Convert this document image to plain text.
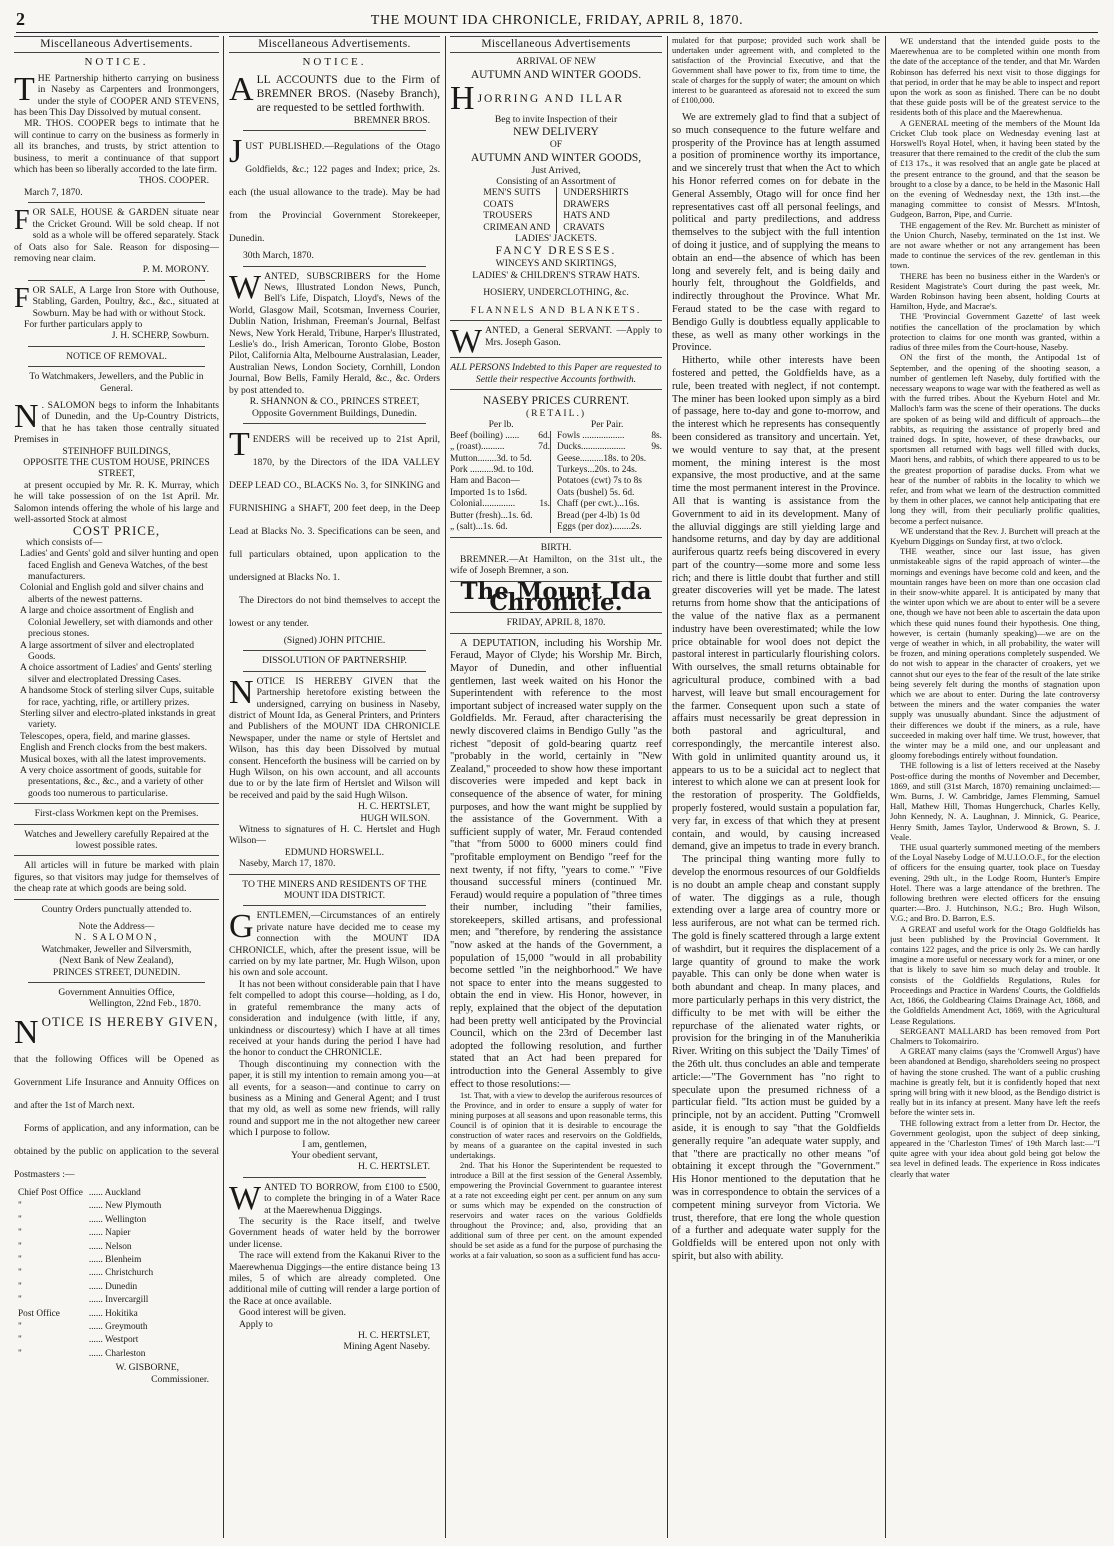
2	THE MOUNT IDA CHRONICLE, FRIDAY, APRIL 8, 1870.
Miscellaneous Advertisements.
NOTICE.
T HE Partnership hitherto carrying on business in Naseby as Carpenters and Ironmongers, under the style of COOPER AND STEVENS, has been This Day Dissolved by mutual consent.

MR. THOS. COOPER begs to intimate that he will continue to carry on the business as formerly in all its branches, and trusts, by strict attention to business, to merit a continuance of that support which has been so liberally accorded to the late firm.

THOS. COOPER.
March 7, 1870.
F OR SALE, HOUSE & GARDEN situate near the Cricket Ground. Will be sold cheap. If not sold as a whole will be offered separately. Stack of Oats also for Sale. Reason for disposing—removing near claim.

P. M. MORONY.
F OR SALE, A Large Iron Store with Outhouse, Stabling, Garden, Poultry, &c., &c., situated at Sowburn. May be had with or without Stock.

For further particulars apply to

J. H. SCHERP, Sowburn.
NOTICE OF REMOVAL.
To Watchmakers, Jewellers, and the Public in General.
N . SALOMON begs to inform the Inhabitants of Dunedin, and the Up-Country Districts, that he has taken those centrally situated Premises in

STEINHOFF BUILDINGS,
OPPOSITE THE CUSTOM HOUSE, PRINCES STREET,

at present occupied by Mr. R. K. Murray, which he will take possession of on the 1st April. Mr. Salomon intends offering the whole of his large and well-assorted Stock at almost

COST PRICE,
which consists of—
Ladies' and Gents' gold and silver hunting and open faced English and Geneva Watches, of the best manufacturers.
Colonial and English gold and silver chains and alberts of the newest patterns.
A large and choice assortment of English and Colonial Jewellery, set with diamonds and other precious stones.
A large assortment of silver and electroplated Goods.
A choice assortment of Ladies' and Gents' sterling silver and electroplated Dressing Cases.
A handsome Stock of sterling silver Cups, suitable for race, yachting, rifle, or artillery prizes.
Sterling silver and electro-plated inkstands in great variety.
Telescopes, opera, field, and marine glasses.
English and French clocks from the best makers.
Musical boxes, with all the latest improvements.
A very choice assortment of goods, suitable for presentations, &c., &c., and a variety of other goods too numerous to particularise.
First-class Workmen kept on the Premises.
Watches and Jewellery carefully Repaired at the lowest possible rates.

All articles will in future be marked with plain figures, so that visitors may judge for themselves of the cheap rate at which goods are being sold.

Country Orders punctually attended to.
Note the Address—
N. SALOMON,
Watchmaker, Jeweller and Silversmith,
(Next Bank of New Zealand),
PRINCES STREET, DUNEDIN.
Government Annuities Office,
Wellington, 22nd Feb., 1870.
N OTICE IS HEREBY GIVEN,

that the following Offices will be Opened as Government Life Insurance and Annuity Offices on and after the 1st of March next.

Forms of application, and any information, can be obtained by the public on application to the several Postmasters :—

Chief Post Office	...... Auckland
"	...... New Plymouth
"	...... Wellington
"	...... Napier
"	...... Nelson
"	...... Blenheim
"	...... Christchurch
"	...... Dunedin
"	...... Invercargill
Post Office	...... Hokitika
"	...... Greymouth
"	...... Westport
"	...... Charleston
W. GISBORNE,
Commissioner.
Miscellaneous Advertisements.
NOTICE.
A LL ACCOUNTS due to the Firm of BREMNER BROS. (Naseby Branch), are requested to be settled forthwith.

BREMNER BROS.
J UST PUBLISHED.—Regulations of the Otago Goldfields, &c.; 122 pages and Index; price, 2s. each (the usual allowance to the trade). May be had from the Provincial Government Storekeeper, Dunedin.

30th March, 1870.
W ANTED, SUBSCRIBERS for the Home News, Illustrated London News, Punch, Bell's Life, Dispatch, Lloyd's, News of the World, Glasgow Mail, Scotsman, Inverness Courier, Dublin Nation, Irishman, Freeman's Journal, Belfast News, New York Herald, Tribune, Harper's Illustrated, Leslie's do., Irish American, Toronto Globe, Boston Pilot, California Alta, Melbourne Australasian, Leader, Australian News, London Society, Cornhill, London Journal, Bow Bells, Family Herald, &c., &c. Orders by post attended to.

R. SHANNON & CO., PRINCES STREET,
Opposite Government Buildings, Dunedin.
T ENDERS will be received up to 21st April, 1870, by the Directors of the IDA VALLEY DEEP LEAD CO., BLACKS No. 3, for SINKING and FURNISHING a SHAFT, 200 feet deep, in the Deep Lead at Blacks No. 3. Specifications can be seen, and full particulars obtained, upon application to the undersigned at Blacks No. 1.

The Directors do not bind themselves to accept the lowest or any tender.

(Signed) JOHN PITCHIE.
DISSOLUTION OF PARTNERSHIP.
N OTICE IS HEREBY GIVEN that the Partnership heretofore existing between the undersigned, carrying on business in Naseby, district of Mount Ida, as General Printers, and Printers and Publishers of the MOUNT IDA CHRONICLE Newspaper, under the name or style of Hertslet and Wilson, has this day been Dissolved by mutual consent. Henceforth the business will be carried on by Hugh Wilson, on his own account, and all accounts due to or by the late firm of Hertslet and Wilson will be received and paid by the said Hugh Wilson.

H. C. HERTSLET,
HUGH WILSON.

Witness to signatures of H. C. Hertslet and Hugh Wilson—

EDMUND HORSWELL.
Naseby, March 17, 1870.
TO THE MINERS AND RESIDENTS OF THE MOUNT IDA DISTRICT.
G ENTLEMEN,—Circumstances of an entirely private nature have decided me to cease my connection with the MOUNT IDA CHRONICLE, which, after the present issue, will be carried on by my late partner, Mr. Hugh Wilson, upon his own and sole account.

It has not been without considerable pain that I have felt compelled to adopt this course—holding, as I do, in grateful remembrance the many acts of consideration and indulgence (with little, if any, unkindness or discourtesy) which I have at all times received at your hands during the period I have had the honor to conduct the CHRONICLE.

Though discontinuing my connection with the paper, it is still my intention to remain among you—at all events, for a season—and continue to carry on business as a Mining and General Agent; and I trust that my old, as well as some new friends, will rally round and support me in the not altogether new career which I purpose to follow.

I am, gentlemen,
Your obedient servant,
H. C. HERTSLET.
W ANTED TO BORROW, from £100 to £500, to complete the bringing in of a Water Race at the Maerewhenua Diggings.

The security is the Race itself, and twelve Government heads of water held by the borrower under license.

The race will extend from the Kakanui River to the Maerewhenua Diggings—the entire distance being 13 miles, 5 of which are already completed. One additional mile of cutting will render a large portion of the Race at once available.

Good interest will be given.

Apply to

H. C. HERTSLET,
Mining Agent Naseby.
Miscellaneous Advertisements
ARRIVAL OF NEW
AUTUMN AND WINTER GOODS.
H JORRING AND ILLAR
Beg to invite Inspection of their
NEW DELIVERY
OF
AUTUMN AND WINTER GOODS,
Just Arrived,
Consisting of an Assortment of
MEN'S SUITS
COATS
TROUSERS
CRIMEAN AND
UNDERSHIRTS
DRAWERS
HATS AND
CRAVATS
LADIES' JACKETS.
FANCY DRESSES.
WINCEYS AND SKIRTINGS,
LADIES' & CHILDREN'S STRAW HATS.
HOSIERY, UNDERCLOTHING, &c.
FLANNELS AND BLANKETS.
W ANTED, a General SERVANT. —Apply to Mrs. Joseph Gason.

ALL PERSONS Indebted to this Paper are requested to Settle their respective Accounts forthwith.
NASEBY PRICES CURRENT.
(RETAIL.)
Per lb.	Per Pair.
Beef (boiling) ......	6d.	Fowls ..................	8s.
„ (roast)..........	7d.	Ducks...................	9s.
Mutton........3d. to 5d.		Geese..........18s. to 20s.	
Pork ..........9d. to 10d.		Turkeys...20s. to 24s.	
Ham and Bacon—		Potatoes (cwt) 7s to 8s	
Imported 1s to 1s6d.		Oats (bushel) 5s. 6d.	
Colonial..............	1s.	Chaff (per cwt.)...16s.	
Butter (fresh)...1s. 6d.		Bread (per 4-lb) 1s 0d	
„ (salt)...1s. 6d.		Eggs (per doz)........2s.	
BIRTH.

BREMNER.—At Hamilton, on the 31st ult., the wife of Joseph Bremner, a son.

The Mount Ida Chronicle.
FRIDAY, APRIL 8, 1870.

A DEPUTATION, including his Worship Mr. Feraud, Mayor of Clyde; his Worship Mr. Birch, Mayor of Dunedin, and other influential gentlemen, last week waited on his Honor the Superintendent with reference to the most important subject of increased water supply on the Goldfields. Mr. Feraud, after characterising the newly discovered claims in Bendigo Gully "as the richest "deposit of gold-bearing quartz reef "probably in the world, certainly in "New Zealand," proceeded to show how these important discoveries were impeded and kept back in consequence of the absence of water, for mining purposes, and how the want might be supplied by the assistance of the Government. With a sufficient supply of water, Mr. Feraud contended "that "from 5000 to 6000 miners could find "profitable employment on Bendigo "reef for the next twenty, if not fifty, "years to come." "Five thousand successful miners (continued Mr. Feraud) would require a population of "three times their number, including "their families, storekeepers, skilled artisans, and professional men; and "therefore, by rendering the assistance "now asked at the hands of the Government, a population of 15,000 "would in all probability become settled "in the neighborhood." We have not space to enter into the means suggested to obtain the end in view. His Honor, however, in reply, explained that the object of the deputation had been pretty well anticipated by the Provincial Council, which on the 23rd of December last adopted the following resolution, and further stated that an Act had been prepared for introduction into the General Assembly to give effect to those resolutions:—

1st. That, with a view to develop the auriferous resources of the Province, and in order to ensure a supply of water for mining purposes at all seasons and upon reasonable terms, this Council is of opinion that it is desirable to encourage the construction of water races and reservoirs on the Goldfields, by means of a guarantee on the capital invested in such undertakings.

2nd. That his Honor the Superintendent be requested to introduce a Bill at the first session of the General Assembly, empowering the Provincial Government to guarantee interest at a rate not exceeding eight per cent. per annum on any sum or sums which may be expended on the construction of reservoirs and water races on the various Goldfields throughout the Province; and, also, providing that an additional sum of three per cent. on the amount expended should be set aside as a fund for the purpose of purchasing the works at a fair valuation, so soon as a sufficient fund has accu-

mulated for that purpose; provided such work shall be undertaken under agreement with, and completed to the satisfaction of the Provincial Executive, and that the Government shall have power to fix, from time to time, the scale of charges for the supply of water; the amount on which interest to be guaranteed as aforesaid not to exceed the sum of £100,000.

We are extremely glad to find that a subject of so much consequence to the future welfare and prosperity of the Province has at length assumed a position of prominence worthy its importance, and we sincerely trust that when the Act to which his Honor referred comes on for debate in the General Assembly, Otago will for once find her representatives cast off all personal feelings, and political and party predilections, and address themselves to the subject with the full intention of doing it justice, and of supplying the means to obtain an end—the absence of which has been long and severely felt, and is being daily and hourly felt, throughout the Goldfields, and indirectly throughout the Province. What Mr. Feraud stated to be the case with regard to Bendigo Gully is doubtless equally applicable to these, as well as many other workings in the Province.

Hitherto, while other interests have been fostered and petted, the Goldfields have, as a rule, been treated with neglect, if not contempt. The miner has been looked upon simply as a bird of passage, here to-day and gone to-morrow, and the interest which he represents has consequently been considered as transitory and uncertain. Yet, we would venture to say that, at the present moment, the mining interest is the most expansive, the most productive, and at the same time the most permanent interest in the Province. All that is wanting is assistance from the Government to aid in its development. Many of the alluvial diggings are still yielding large and handsome returns, and day by day are additional auriferous quartz reefs being discovered in every part of the country—some more and some less rich; and there is little doubt that further and still greater discoveries will yet be made. The latest returns from home show that the anticipations of the value of the native flax as a permanent industry have been overestimated; while the low price obtainable for wool does not depict the pastoral interest in particularly flourishing colors. With ourselves, the small returns obtainable for agricultural produce, combined with a bad harvest, will leave but small encouragement for the farmer. Consequent upon such a state of affairs must necessarily be great depression in both pastoral and agricultural, and correspondingly, the mercantile interest also. With gold in unlimited quantity around us, it appears to us to be a suicidal act to neglect that interest to which alone we can at present look for the restoration of prosperity. The Goldfields, properly fostered, would sustain a population far, very far, in excess of that which they at present contain, and would, by causing increased demand, give an impetus to trade in every branch.

The principal thing wanting more fully to develop the enormous resources of our Goldfields is no doubt an ample cheap and constant supply of water. The diggings as a rule, though extending over a large area of country more or less auriferous, are not what can be termed rich. The gold is finely scattered through a large extent of washdirt, but it requires the displacement of a large quantity of ground to make the work payable. This can only be done when water is both abundant and cheap. In many places, and more particularly perhaps in this very district, the difficulty to be met with will be either the repurchase of the alienated water rights, or provision for the bringing in of the Manuherikia River. Writing on this subject the 'Daily Times' of the 26th ult. thus concludes an able and temperate article:—"The Government has "no right to speculate upon the presumed richness of a particular field. "Its action must be guided by a principle, not by an accident. Putting "Cromwell aside, it is enough to say "that the Goldfields generally require "an adequate water supply, and that "there are practically no other means "of obtaining it except through the "Government." His Honor mentioned to the deputation that he was in correspondence to obtain the services of a competent mining surveyor from Victoria. We trust, therefore, that ere long the whole question of a further and adequate water supply for the Goldfields will be entered upon not only with spirit, but also with ability.

WE understand that the intended guide posts to the Maerewhenua are to be completed within one month from the date of the acceptance of the tender, and that Mr. Warden Robinson has deferred his next visit to those diggings for that period, in order that he may be able to inspect and report upon the work as soon as finished. There can be no doubt that these guide posts will be of the greatest service to the residents both of this place and the Maerewhenua.

A GENERAL meeting of the members of the Mount Ida Cricket Club took place on Wednesday evening last at Horswell's Royal Hotel, when, it having been stated by the treasurer that there remained to the credit of the club the sum of £13 17s., it was resolved that an angle gate be placed at the present entrance to the ground, and that the season be brought to a close by a dance, to be held in the Masonic Hall on the evening of Wednesday next, the 13th inst.—the managing committee to consist of Messrs. M'Intosh, Gudgeon, Barron, Pipe, and Currie.

THE engagement of the Rev. Mr. Burchett as minister of the Union Church, Naseby, terminated on the 1st inst. We are not aware whether or not any arrangement has been made to continue the services of the rev. gentleman in this town.

THERE has been no business either in the Warden's or Resident Magistrate's Court during the past week, Mr. Warden Robinson having been absent, holding Courts at Hamilton, Hyde, and Macrae's.

THE 'Provincial Government Gazette' of last week notifies the cancellation of the proclamation by which protection to claims for one month was granted, within a radius of three miles from the Court-house, Naseby.

ON the first of the month, the Antipodal 1st of September, and the opening of the shooting season, a number of gentlemen left Naseby, duly fortified with the necessary weapons to wage war with the feathered as well as with the furred tribes. About the Kyeburn Hotel and Mr. Malloch's farm was the scene of their operations. The ducks are spoken of as being wild and difficult of approach—the rabbits, as requiring the assistance of properly bred and trained dogs. In spite, however, of these drawbacks, our sportsmen all returned with bags well filled with ducks, Maori hens, and rabbits, of which there appeared to us to be the greatest proportion of paradise ducks. From what we hear of the number of rabbits in the locality to which we refer, and from what we learn of the destruction committed by them in other places, we cannot help anticipating that ere long they will, from their peculiarly prolific qualities, become a perfect nuisance.

WE understand that the Rev. J. Burchett will preach at the Kyeburn Diggings on Sunday first, at two o'clock.

THE weather, since our last issue, has given unmistakeable signs of the rapid approach of winter—the mornings and evenings have become cold and keen, and the mountain ranges have been on more than one occasion clad in their snow-white apparel. It is anticipated by many that the winter upon which we are about to enter will be a severe one, though we have not been able to ascertain the data upon which these quid nunes found their hypothesis. One thing, however, is certain (humanly speaking)—we are on the verge of weather in which, in all probability, the water will be frozen, and mining operations completely suspended. We do not wish to appear in the character of croakers, yet we cannot shut our eyes to the fear of the result of the late strike being severely felt during the months of stagnation upon which we are about to enter. During the late controversy between the miners and the water companies the water supply was unusually abundant. Since the adjustment of their differences we doubt if the miners, as a rule, have succeeded in making over half time. We trust, however, that the winter may be a mild one, and our unpleasant and gloomy forebodings entirely without foundation.

THE following is a list of letters received at the Naseby Post-office during the months of November and December, 1869, and still (31st March, 1870) remaining unclaimed:—Wm. Burns, J. W. Cambridge, James Flemming, Samuel Hall, Mathew Hill, Thomas Hungerchuck, Charles Kelly, John Kennedy, N. A. Laughnan, J. Minnick, G. Pearice, Henry Smith, James Taylor, Underwood & Brown, S. J. Veale.

THE usual quarterly summoned meeting of the members of the Loyal Naseby Lodge of M.U.I.O.O.F., for the election of officers for the ensuing quarter, took place on Tuesday evening, 29th ult., in the Lodge Room, Hunter's Empire Hotel. There was a large attendance of the brethren. The following brethren were elected officers for the ensuing quarter:—Bro. J. Hutchinson, N.G.; Bro. Hugh Wilson, V.G.; and Bro. D. Barron, E.S.

A GREAT and useful work for the Otago Goldfields has just been published by the Provincial Government. It contains 122 pages, and the price is only 2s. We can hardly imagine a more useful or necessary work for a miner, or one that is likely to save him so much delay and trouble. It consists of the Goldfields Regulations, Rules for Proceedings and Practice in Wardens' Courts, the Goldfields Act, 1866, the Goldbearing Claims Drainage Act, 1868, and the Goldfields Amendment Act, 1869, with the Agricultural Lease Regulations.

SERGEANT MALLARD has been removed from Port Chalmers to Tokomairiro.

A GREAT many claims (says the 'Cromwell Argus') have been abandoned at Bendigo, shareholders seeing no prospect of having the stone crushed. The want of a public crushing machine is greatly felt, but it is confidently hoped that next spring will bring with it new blood, as the Bendigo district is really but in its infancy at present. Many have left the reefs before the winter sets in.

THE following extract from a letter from Dr. Hector, the Government geologist, upon the subject of deep sinking, appeared in the 'Charleston Times' of 19th March last:—"I quite agree with your idea about gold being got below the sea level in defined leads. The experience in Ross indicates clearly that water
